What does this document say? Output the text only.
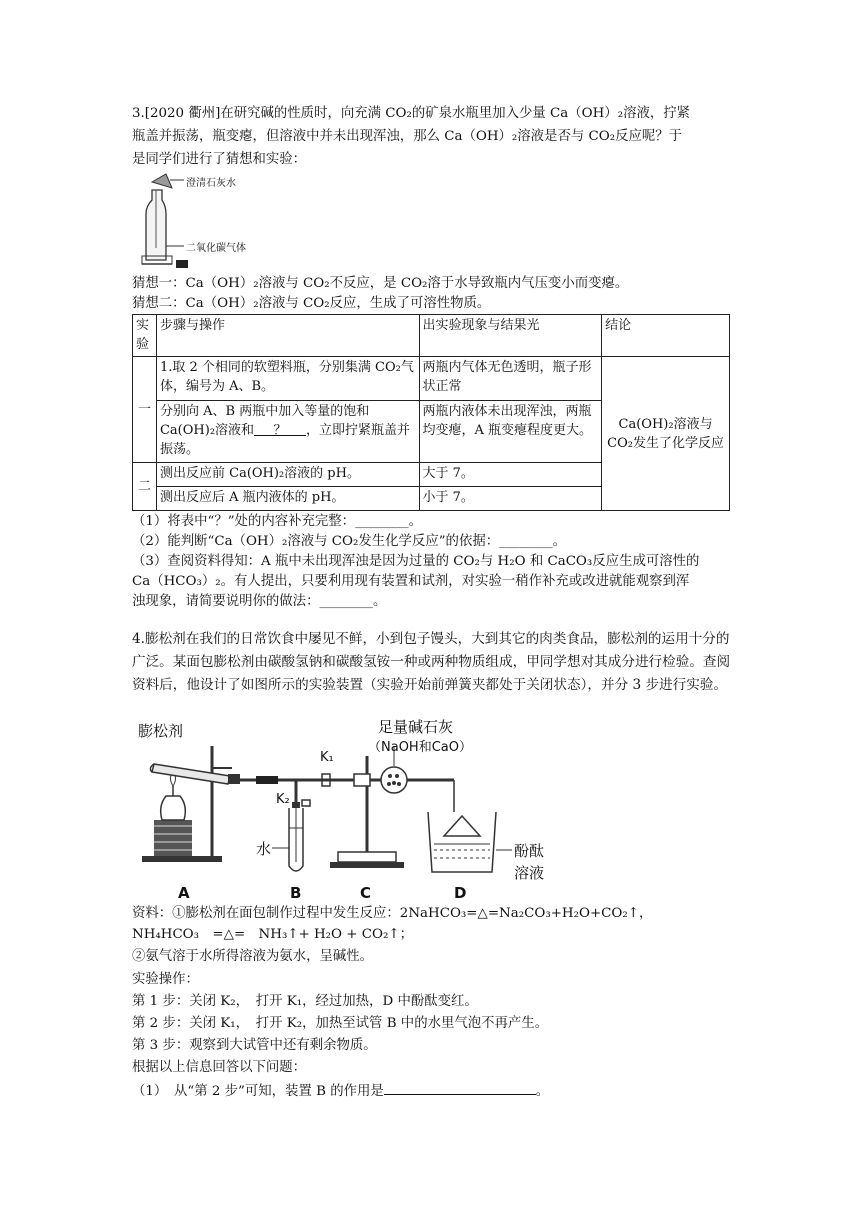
3.[2020 衢州]在研究碱的性质时，向充满 CO₂的矿泉水瓶里加入少量 Ca（OH）₂溶液，拧紧
瓶盖并振荡，瓶变瘪，但溶液中并未出现浑浊，那么 Ca（OH）₂溶液是否与 CO₂反应呢？于
是同学们进行了猜想和实验：
澄清石灰水
二氧化碳气体
猜想一：Ca（OH）₂溶液与 CO₂不反应，是 CO₂溶于水导致瓶内气压变小而变瘪。
猜想二：Ca（OH）₂溶液与 CO₂反应，生成了可溶性物质。
实验	步骤与操作	出实验现象与结果光	结论
一	1.取 2 个相同的软塑料瓶，分别集满 CO₂气体，编号为 A、B。	两瓶内气体无色透明，瓶子形状正常	Ca(OH)₂溶液与 CO₂发生了化学反应
	分别向 A、B 两瓶中加入等量的饱和 Ca(OH)₂溶液和 ？ ，立即拧紧瓶盖并振荡。	两瓶内液体未出现浑浊，两瓶均变瘪，A 瓶变瘪程度更大。	
二	测出反应前 Ca(OH)₂溶液的 pH。	大于 7。	
	测出反应后 A 瓶内液体的 pH。	小于 7。	
（1）将表中“？”处的内容补充完整：________。
（2）能判断“Ca（OH）₂溶液与 CO₂发生化学反应”的依据：________。
（3）查阅资料得知：A 瓶中未出现浑浊是因为过量的 CO₂与 H₂O 和 CaCO₃反应生成可溶性的
Ca（HCO₃）₂。有人提出，只要利用现有装置和试剂，对实验一稍作补充或改进就能观察到浑
浊现象，请简要说明你的做法：________。
4.膨松剂在我们的日常饮食中屡见不鲜，小到包子馒头，大到其它的肉类食品，膨松剂的运用十分的广泛。某面包膨松剂由碳酸氢钠和碳酸氢铵一种或两种物质组成，甲同学想对其成分进行检验。查阅资料后，他设计了如图所示的实验装置（实验开始前弹簧夹都处于关闭状态），并分 3 步进行实验。
膨松剂	足量碱石灰
（NaOH和CaO）
K₁
K₂
水	酚酞
溶液
A	B	C	D
资料：①膨松剂在面包制作过程中发生反应：2NaHCO₃=△=Na₂CO₃+H₂O+CO₂↑，
NH₄HCO₃　=△=　NH₃↑+ H₂O + CO₂↑；
②氨气溶于水所得溶液为氨水，呈碱性。
实验操作：
第 1 步：关闭 K₂，　打开 K₁，经过加热，D 中酚酞变红。
第 2 步：关闭 K₁，　打开 K₂，加热至试管 B 中的水里气泡不再产生。
第 3 步：观察到大试管中还有剩余物质。
根据以上信息回答以下问题：
（1）　从“第 2 步”可知，装置 B 的作用是	。
